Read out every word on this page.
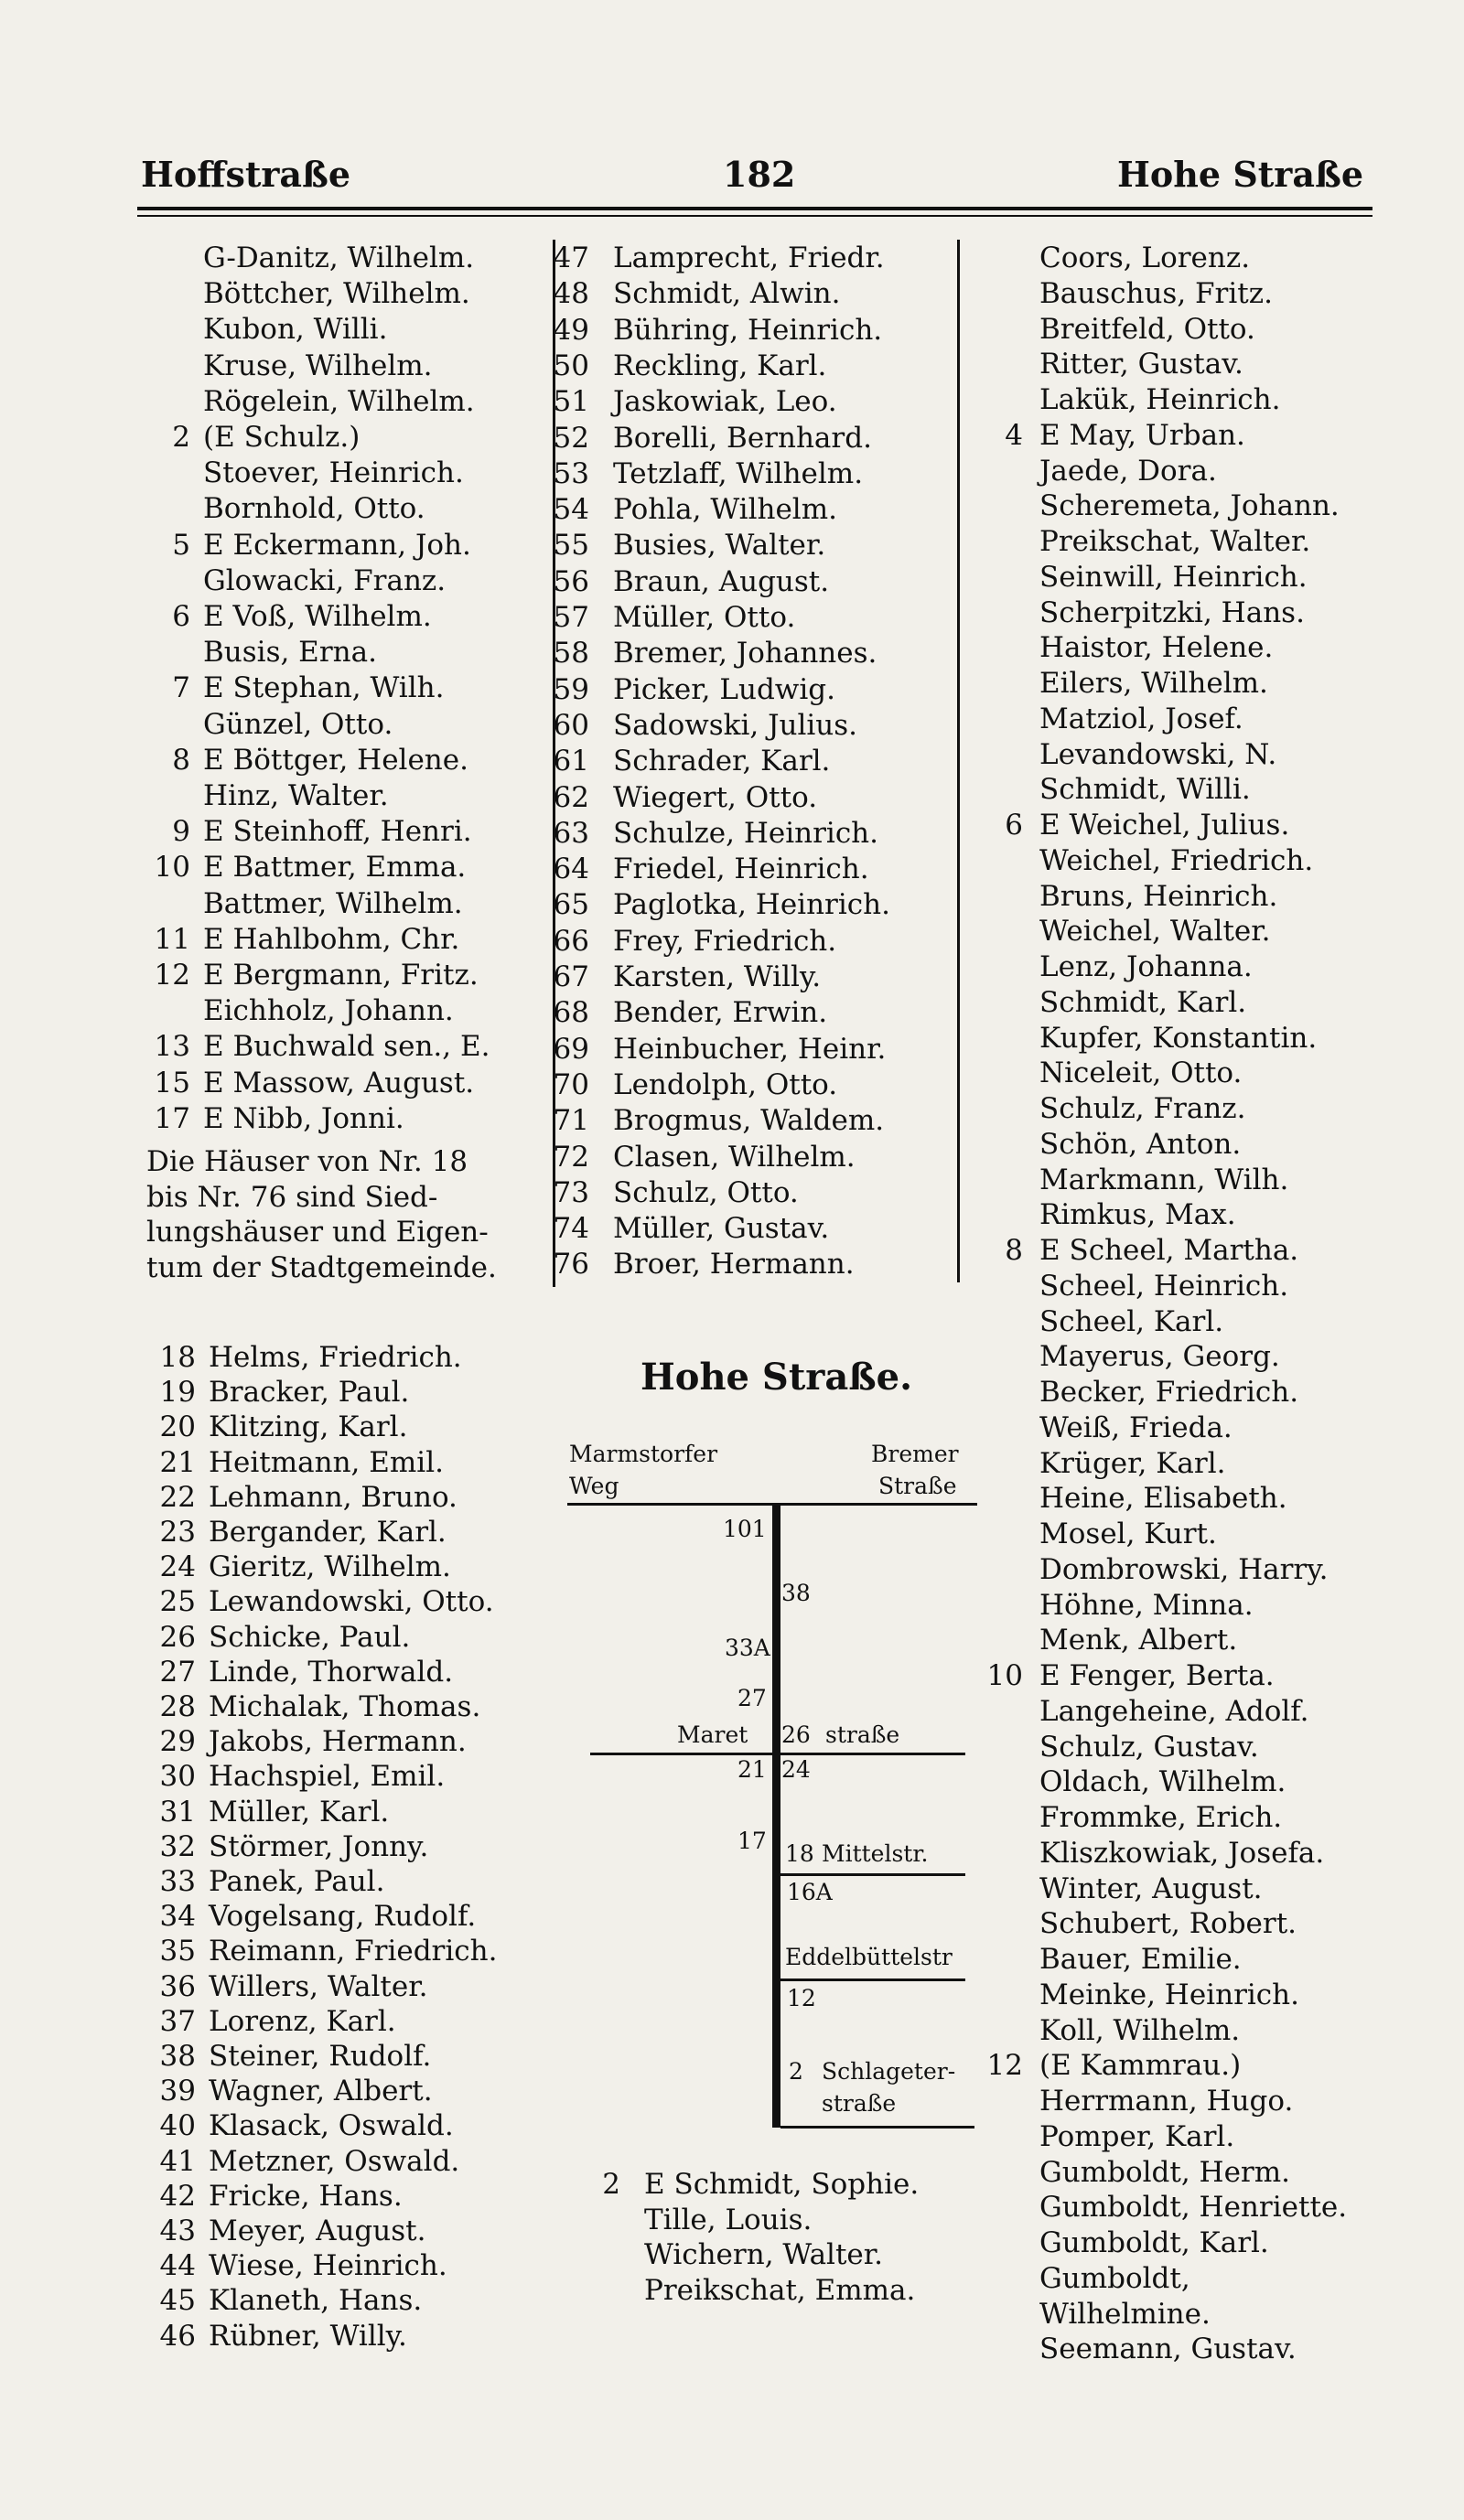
Hoffstraße	182	Hohe Straße
G-Danitz, Wilhelm.
Böttcher, Wilhelm.
Kubon, Willi.
Kruse, Wilhelm.
Rögelein, Wilhelm.
2 (E Schulz.)
Stoever, Heinrich.
Bornhold, Otto.
5 E Eckermann, Joh.
Glowacki, Franz.
6 E Voß, Wilhelm.
Busis, Erna.
7 E Stephan, Wilh.
Günzel, Otto.
8 E Böttger, Helene.
Hinz, Walter.
9 E Steinhoff, Henri.
10 E Battmer, Emma.
Battmer, Wilhelm.
11 E Hahlbohm, Chr.
12 E Bergmann, Fritz.
Eichholz, Johann.
13 E Buchwald sen., E.
15 E Massow, August.
17 E Nibb, Jonni.
Die Häuser von Nr. 18
bis Nr. 76 sind Sied-
lungshäuser und Eigen-
tum der Stadtgemeinde.
18 Helms, Friedrich.
19 Bracker, Paul.
20 Klitzing, Karl.
21 Heitmann, Emil.
22 Lehmann, Bruno.
23 Bergander, Karl.
24 Gieritz, Wilhelm.
25 Lewandowski, Otto.
26 Schicke, Paul.
27 Linde, Thorwald.
28 Michalak, Thomas.
29 Jakobs, Hermann.
30 Hachspiel, Emil.
31 Müller, Karl.
32 Störmer, Jonny.
33 Panek, Paul.
34 Vogelsang, Rudolf.
35 Reimann, Friedrich.
36 Willers, Walter.
37 Lorenz, Karl.
38 Steiner, Rudolf.
39 Wagner, Albert.
40 Klasack, Oswald.
41 Metzner, Oswald.
42 Fricke, Hans.
43 Meyer, August.
44 Wiese, Heinrich.
45 Klaneth, Hans.
46 Rübner, Willy.
47 Lamprecht, Friedr.
48 Schmidt, Alwin.
49 Bühring, Heinrich.
50 Reckling, Karl.
51 Jaskowiak, Leo.
52 Borelli, Bernhard.
53 Tetzlaff, Wilhelm.
54 Pohla, Wilhelm.
55 Busies, Walter.
56 Braun, August.
57 Müller, Otto.
58 Bremer, Johannes.
59 Picker, Ludwig.
60 Sadowski, Julius.
61 Schrader, Karl.
62 Wiegert, Otto.
63 Schulze, Heinrich.
64 Friedel, Heinrich.
65 Paglotka, Heinrich.
66 Frey, Friedrich.
67 Karsten, Willy.
68 Bender, Erwin.
69 Heinbucher, Heinr.
70 Lendolph, Otto.
71 Brogmus, Waldem.
72 Clasen, Wilhelm.
73 Schulz, Otto.
74 Müller, Gustav.
76 Broer, Hermann.
2 E Schmidt, Sophie.
Tille, Louis.
Wichern, Walter.
Preikschat, Emma.
Coors, Lorenz.
Bauschus, Fritz.
Breitfeld, Otto.
Ritter, Gustav.
Lakük, Heinrich.
4 E May, Urban.
Jaede, Dora.
Scheremeta, Johann.
Preikschat, Walter.
Seinwill, Heinrich.
Scherpitzki, Hans.
Haistor, Helene.
Eilers, Wilhelm.
Matziol, Josef.
Levandowski, N.
Schmidt, Willi.
6 E Weichel, Julius.
Weichel, Friedrich.
Bruns, Heinrich.
Weichel, Walter.
Lenz, Johanna.
Schmidt, Karl.
Kupfer, Konstantin.
Niceleit, Otto.
Schulz, Franz.
Schön, Anton.
Markmann, Wilh.
Rimkus, Max.
8 E Scheel, Martha.
Scheel, Heinrich.
Scheel, Karl.
Mayerus, Georg.
Becker, Friedrich.
Weiß, Frieda.
Krüger, Karl.
Heine, Elisabeth.
Mosel, Kurt.
Dombrowski, Harry.
Höhne, Minna.
Menk, Albert.
10 E Fenger, Berta.
Langeheine, Adolf.
Schulz, Gustav.
Oldach, Wilhelm.
Frommke, Erich.
Kliszkowiak, Josefa.
Winter, August.
Schubert, Robert.
Bauer, Emilie.
Meinke, Heinrich.
Koll, Wilhelm.
12 (E Kammrau.)
Herrmann, Hugo.
Pomper, Karl.
Gumboldt, Herm.
Gumboldt, Henriette.
Gumboldt, Karl.
Gumboldt,
Wilhelmine.
Seemann, Gustav.
Hohe Straße.
Marmstorfer
Weg
Bremer
Straße
101
38
33A
27
Maret 26 straße
21 24
17 18 Mittelstr.
16A
Eddelbüttelstr
12
2 Schlageter-
straße
